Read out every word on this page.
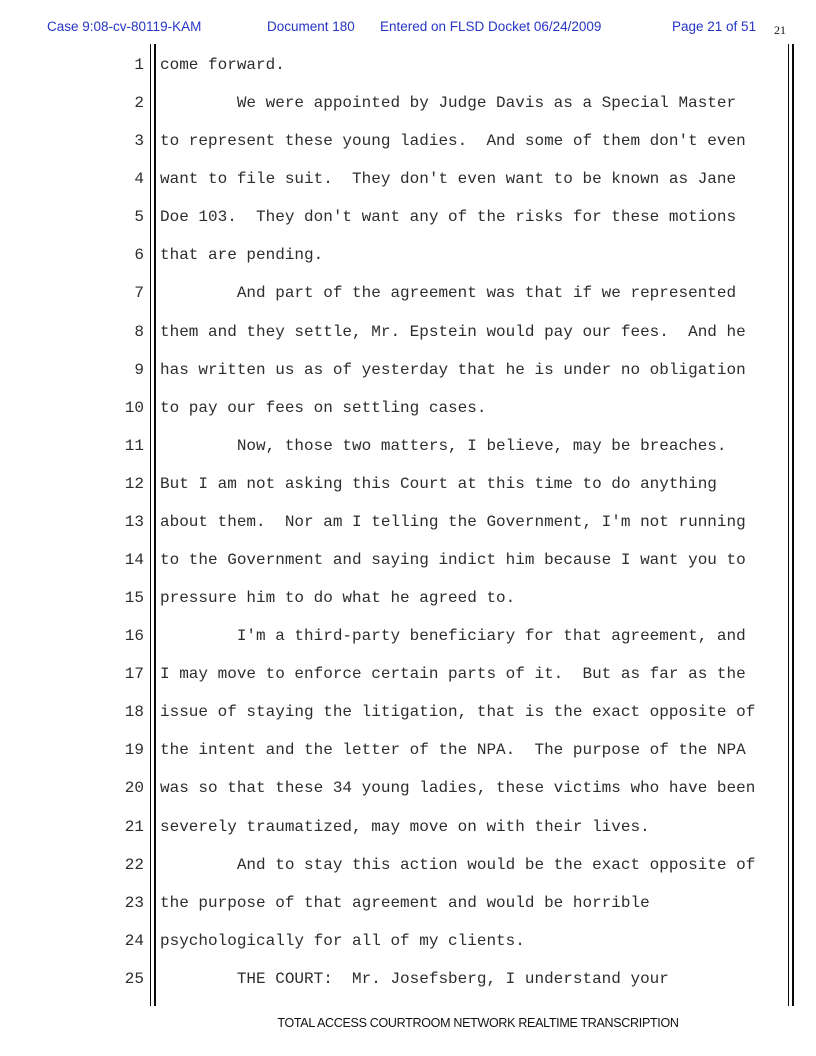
Case 9:08-cv-80119-KAM	Document 180 Entered on FLSD Docket 06/24/2009	Page 21 of 51 21
1 come forward.
2 We were appointed by Judge Davis as a Special Master
3 to represent these young ladies.  And some of them don't even
4 want to file suit.  They don't even want to be known as Jane
5 Doe 103.  They don't want any of the risks for these motions
6 that are pending.
7 And part of the agreement was that if we represented
8 them and they settle, Mr. Epstein would pay our fees.  And he
9 has written us as of yesterday that he is under no obligation
10 to pay our fees on settling cases.
11 Now, those two matters, I believe, may be breaches.
12 But I am not asking this Court at this time to do anything
13 about them.  Nor am I telling the Government, I'm not running
14 to the Government and saying indict him because I want you to
15 pressure him to do what he agreed to.
16 I'm a third-party beneficiary for that agreement, and
17 I may move to enforce certain parts of it.  But as far as the
18 issue of staying the litigation, that is the exact opposite of
19 the intent and the letter of the NPA.  The purpose of the NPA
20 was so that these 34 young ladies, these victims who have been
21 severely traumatized, may move on with their lives.
22 And to stay this action would be the exact opposite of
23 the purpose of that agreement and would be horrible
24 psychologically for all of my clients.
25 THE COURT:  Mr. Josefsberg, I understand your
TOTAL ACCESS COURTROOM NETWORK REALTIME TRANSCRIPTION
